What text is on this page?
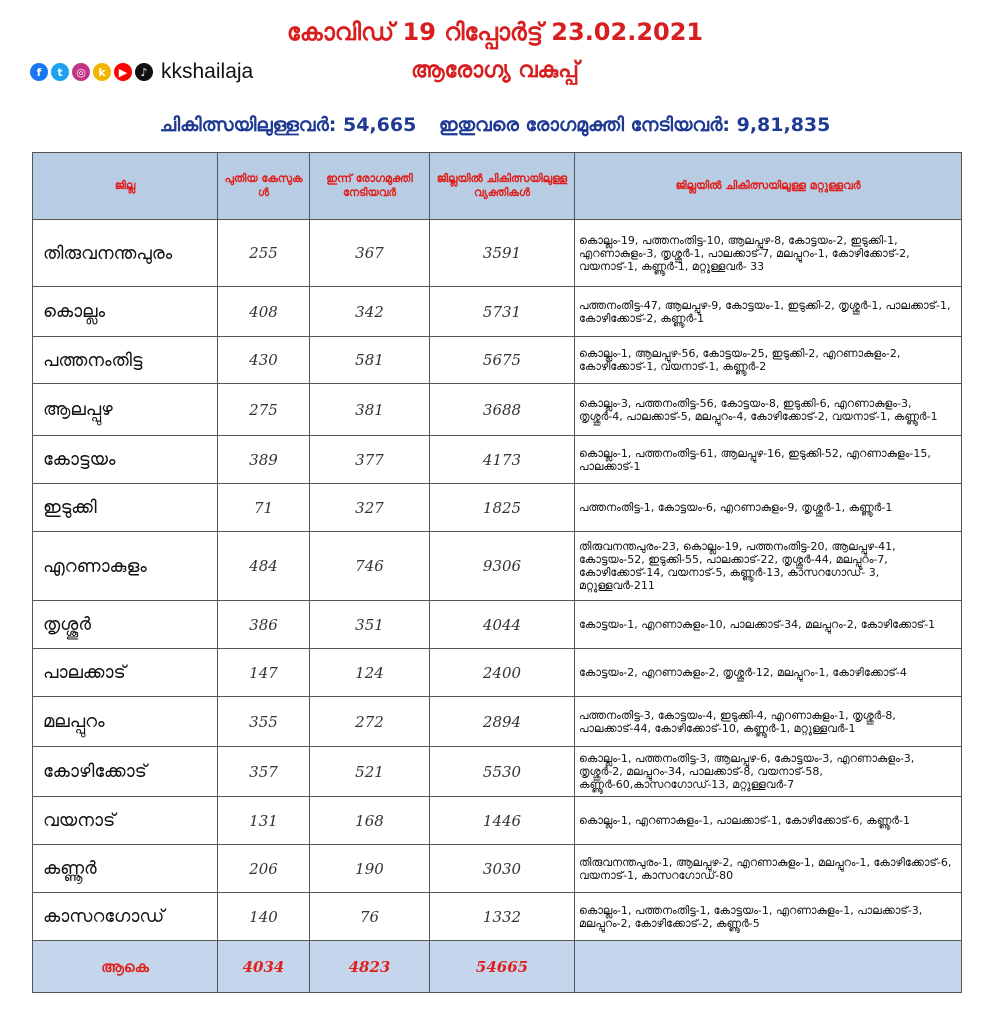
കോവിഡ് 19 റിപ്പോർട്ട് 23.02.2021
ആരോഗ്യ വകുപ്പ്
f	t	◎	k	▶	♪ kkshailaja
ചികിത്സയിലുള്ളവർ: 54,665 ഇതുവരെ രോഗമുക്തി നേടിയവർ: 9,81,835
ജില്ല	പുതിയ കേസുക ൾ	ഇന്ന് രോഗമുക്തി നേടിയവർ	ജില്ലയിൽ ചികിത്സയിലുള്ള വ്യക്തികൾ	ജില്ലയിൽ ചികിത്സയിലുള്ള മറ്റുള്ളവർ
തിരുവനന്തപുരം	255	367	3591	കൊല്ലം-19, പത്തനംതിട്ട-10, ആലപ്പുഴ-8, കോട്ടയം-2, ഇടുക്കി-1, എറണാകുളം-3, തൃശ്ശൂർ-1, പാലക്കാട്-7, മലപ്പുറം-1, കോഴിക്കോട്-2, വയനാട്-1, കണ്ണൂർ-1, മറ്റുള്ളവർ- 33
കൊല്ലം	408	342	5731	പത്തനംതിട്ട-47, ആലപ്പുഴ-9, കോട്ടയം-1, ഇടുക്കി-2, തൃശ്ശൂർ-1, പാലക്കാട്-1, കോഴിക്കോട്-2, കണ്ണൂർ-1
പത്തനംതിട്ട	430	581	5675	കൊല്ലം-1, ആലപ്പുഴ-56, കോട്ടയം-25, ഇടുക്കി-2, എറണാകുളം-2, കോഴിക്കോട്-1, വയനാട്-1, കണ്ണൂർ-2
ആലപ്പുഴ	275	381	3688	കൊല്ലം-3, പത്തനംതിട്ട-56, കോട്ടയം-8, ഇടുക്കി-6, എറണാകുളം-3, തൃശ്ശൂർ-4, പാലക്കാട്-5, മലപ്പുറം-4, കോഴിക്കോട്-2, വയനാട്-1, കണ്ണൂർ-1
കോട്ടയം	389	377	4173	കൊല്ലം-1, പത്തനംതിട്ട-61, ആലപ്പുഴ-16, ഇടുക്കി-52, എറണാകുളം-15, പാലക്കാട്-1
ഇടുക്കി	71	327	1825	പത്തനംതിട്ട-1, കോട്ടയം-6, എറണാകുളം-9, തൃശ്ശൂർ-1, കണ്ണൂർ-1
എറണാകുളം	484	746	9306	തിരുവനന്തപുരം-23, കൊല്ലം-19, പത്തനംതിട്ട-20, ആലപ്പുഴ-41, കോട്ടയം-52, ഇടുക്കി-55, പാലക്കാട്-22, തൃശ്ശൂർ-44, മലപ്പുറം-7, കോഴിക്കോട്-14, വയനാട്-5, കണ്ണൂർ-13, കാസറഗോഡ്- 3, മറ്റുള്ളവർ-211
തൃശ്ശൂർ	386	351	4044	കോട്ടയം-1, എറണാകുളം-10, പാലക്കാട്-34, മലപ്പുറം-2, കോഴിക്കോട്-1
പാലക്കാട്	147	124	2400	കോട്ടയം-2, എറണാകുളം-2, തൃശ്ശൂർ-12, മലപ്പുറം-1, കോഴിക്കോട്-4
മലപ്പുറം	355	272	2894	പത്തനംതിട്ട-3, കോട്ടയം-4, ഇടുക്കി-4, എറണാകുളം-1, തൃശ്ശൂർ-8, പാലക്കാട്-44, കോഴിക്കോട്-10, കണ്ണൂർ-1, മറ്റുള്ളവർ-1
കോഴിക്കോട്	357	521	5530	കൊല്ലം-1, പത്തനംതിട്ട-3, ആലപ്പുഴ-6, കോട്ടയം-3, എറണാകുളം-3, തൃശ്ശൂർ-2, മലപ്പുറം-34, പാലക്കാട്-8, വയനാട്-58, കണ്ണൂർ-60,കാസറഗോഡ്-13, മറ്റുള്ളവർ-7
വയനാട്	131	168	1446	കൊല്ലം-1, എറണാകുളം-1, പാലക്കാട്-1, കോഴിക്കോട്-6, കണ്ണൂർ-1
കണ്ണൂർ	206	190	3030	തിരുവനന്തപുരം-1, ആലപ്പുഴ-2, എറണാകുളം-1, മലപ്പുറം-1, കോഴിക്കോട്-6, വയനാട്-1, കാസറഗോഡ്-80
കാസറഗോഡ്	140	76	1332	കൊല്ലം-1, പത്തനംതിട്ട-1, കോട്ടയം-1, എറണാകുളം-1, പാലക്കാട്-3, മലപ്പുറം-2, കോഴിക്കോട്-2, കണ്ണൂർ-5
ആകെ	4034	4823	54665	
